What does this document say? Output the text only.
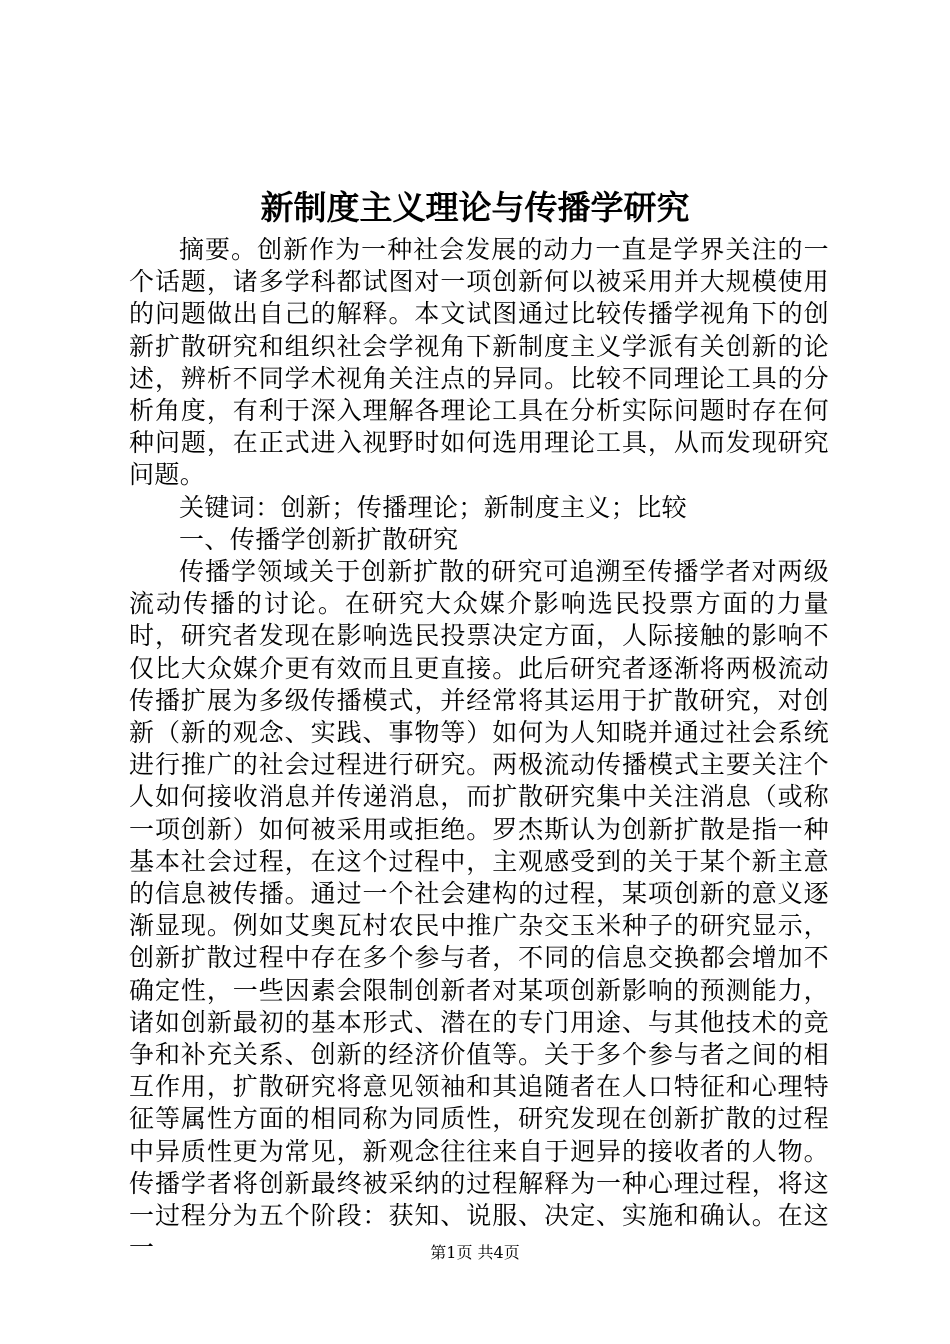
新制度主义理论与传播学研究

摘要。创新作为一种社会发展的动力一直是学界关注的一个话题，诸多学科都试图对一项创新何以被采用并大规模使用的问题做出自己的解释。本文试图通过比较传播学视角下的创新扩散研究和组织社会学视角下新制度主义学派有关创新的论述，辨析不同学术视角关注点的异同。比较不同理论工具的分析角度，有利于深入理解各理论工具在分析实际问题时存在何种问题，在正式进入视野时如何选用理论工具，从而发现研究问题。

关键词：创新；传播理论；新制度主义；比较

一、传播学创新扩散研究

传播学领域关于创新扩散的研究可追溯至传播学者对两级流动传播的讨论。在研究大众媒介影响选民投票方面的力量时，研究者发现在影响选民投票决定方面，人际接触的影响不仅比大众媒介更有效而且更直接。此后研究者逐渐将两极流动传播扩展为多级传播模式，并经常将其运用于扩散研究，对创新（新的观念、实践、事物等）如何为人知晓并通过社会系统进行推广的社会过程进行研究。两极流动传播模式主要关注个人如何接收消息并传递消息，而扩散研究集中关注消息（或称一项创新）如何被采用或拒绝。罗杰斯认为创新扩散是指一种基本社会过程，在这个过程中，主观感受到的关于某个新主意的信息被传播。通过一个社会建构的过程，某项创新的意义逐渐显现。例如艾奥瓦村农民中推广杂交玉米种子的研究显示，创新扩散过程中存在多个参与者，不同的信息交换都会增加不确定性，一些因素会限制创新者对某项创新影响的预测能力，诸如创新最初的基本形式、潜在的专门用途、与其他技术的竞争和补充关系、创新的经济价值等。关于多个参与者之间的相互作用，扩散研究将意见领袖和其追随者在人口特征和心理特征等属性方面的相同称为同质性，研究发现在创新扩散的过程中异质性更为常见，新观念往往来自于迥异的接收者的人物。传播学者将创新最终被采纳的过程解释为一种心理过程，将这一过程分为五个阶段：获知、说服、决定、实施和确认。在这一	第1页 共4页
